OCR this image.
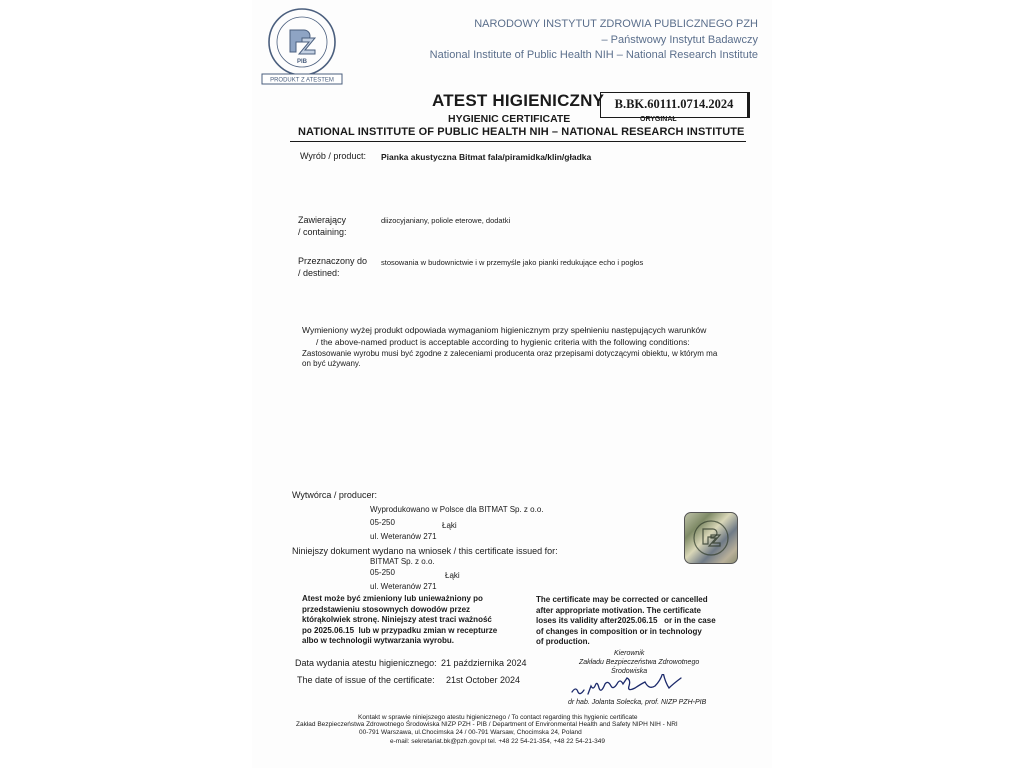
PIB
PRODUKT Z ATESTEM
NARODOWY INSTYTUT ZDROWIA PUBLICZNEGO PZH
– Państwowy Instytut Badawczy
National Institute of Public Health NIH – National Research Institute
ATEST HIGIENICZNY B.BK.60111.0714.2024
HYGIENIC CERTIFICATE	ORYGINAŁ
NATIONAL INSTITUTE OF PUBLIC HEALTH NIH – NATIONAL RESEARCH INSTITUTE
Wyrób / product: Pianka akustyczna Bitmat fala/piramidka/klin/gładka
Zawierający
/ containing:
diizocyjaniany, poliole eterowe, dodatki
Przeznaczony do
/ destined:
stosowania w budownictwie i w przemyśle jako pianki redukujące echo i pogłos
Wymieniony wyżej produkt odpowiada wymaganiom higienicznym przy spełnieniu następujących warunków
/ the above-named product is acceptable according to hygienic criteria with the following conditions:
Zastosowanie wyrobu musi być zgodne z zaleceniami producenta oraz przepisami dotyczącymi obiektu, w którym ma
on być używany.
Wytwórca / producer:
Wyprodukowano w Polsce dla BITMAT Sp. z o.o.
05-250	Łąki
ul. Weteranów 271
Niniejszy dokument wydano na wniosek / this certificate issued for:
BITMAT Sp. z o.o.
05-250	Łąki
ul. Weteranów 271
Atest może być zmieniony lub unieważniony po
przedstawieniu stosownych dowodów przez
którąkolwiek stronę. Niniejszy atest traci ważność
po 2025.06.15  lub w przypadku zmian w recepturze
albo w technologii wytwarzania wyrobu.
The certificate may be corrected or cancelled
after appropriate motivation. The certificate
loses its validity after2025.06.15   or in the case
of changes in composition or in technology
of production.
Data wydania atestu higienicznego: 21 października 2024
The date of issue of the certificate: 21st October 2024
Kierownik
Zakładu Bezpieczeństwa Zdrowotnego
Środowiska
dr hab. Jolanta Solecka, prof. NIZP PZH-PIB
Kontakt w sprawie niniejszego atestu higienicznego / To contact regarding this hygienic certificate
Zakład Bezpieczeństwa Zdrowotnego Środowiska NIZP PZH - PIB / Department of Environmental Health and Safety NIPH NIH - NRI
00-791 Warszawa, ul.Chocimska 24 / 00-791 Warsaw, Chocimska 24, Poland
e-mail: sekretariat.bk@pzh.gov.pl tel. +48 22 54-21-354, +48 22 54-21-349
